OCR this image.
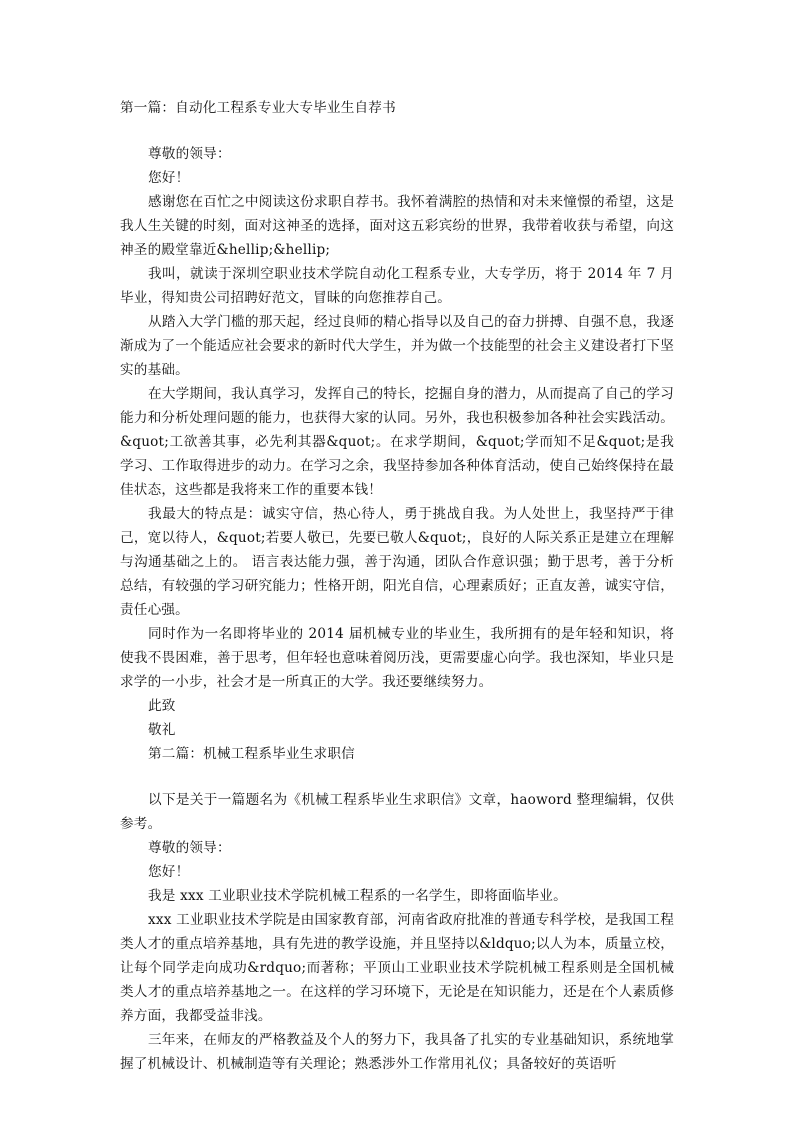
第一篇：自动化工程系专业大专毕业生自荐书
尊敬的领导：
您好！

感谢您在百忙之中阅读这份求职自荐书。我怀着满腔的热情和对未来憧憬的希望，这是我人生关键的时刻，面对这神圣的选择，面对这五彩宾纷的世界，我带着收获与希望，向这神圣的殿堂靠近&hellip;&hellip;

我叫，就读于深圳空职业技术学院自动化工程系专业，大专学历，将于 2014 年 7 月毕业，得知贵公司招聘好范文，冒昧的向您推荐自己。

从踏入大学门槛的那天起，经过良师的精心指导以及自己的奋力拼搏、自强不息，我逐渐成为了一个能适应社会要求的新时代大学生，并为做一个技能型的社会主义建设者打下坚实的基础。

在大学期间，我认真学习，发挥自己的特长，挖掘自身的潜力，从而提高了自己的学习能力和分析处理问题的能力，也获得大家的认同。另外，我也积极参加各种社会实践活动。&quot;工欲善其事，必先利其器&quot;。在求学期间，&quot;学而知不足&quot;是我学习、工作取得进步的动力。在学习之余，我坚持参加各种体育活动，使自己始终保持在最佳状态，这些都是我将来工作的重要本钱！

我最大的特点是：诚实守信，热心待人，勇于挑战自我。为人处世上，我坚持严于律己，宽以待人，&quot;若要人敬已，先要已敬人&quot;，良好的人际关系正是建立在理解与沟通基础之上的。 语言表达能力强，善于沟通，团队合作意识强；勤于思考，善于分析总结，有较强的学习研究能力；性格开朗，阳光自信，心理素质好；正直友善，诚实守信，责任心强。

同时作为一名即将毕业的 2014 届机械专业的毕业生，我所拥有的是年轻和知识，将使我不畏困难，善于思考，但年轻也意味着阅历浅，更需要虚心向学。我也深知，毕业只是求学的一小步，社会才是一所真正的大学。我还要继续努力。

此致
敬礼
第二篇：机械工程系毕业生求职信

以下是关于一篇题名为《机械工程系毕业生求职信》文章，haoword 整理编辑，仅供参考。

尊敬的领导：
您好！

我是 xxx 工业职业技术学院机械工程系的一名学生，即将面临毕业。

xxx 工业职业技术学院是由国家教育部，河南省政府批准的普通专科学校，是我国工程类人才的重点培养基地，具有先进的教学设施，并且坚持以&ldquo;以人为本，质量立校，让每个同学走向成功&rdquo;而著称；平顶山工业职业技术学院机械工程系则是全国机械类人才的重点培养基地之一。在这样的学习环境下，无论是在知识能力，还是在个人素质修养方面，我都受益非浅。

三年来，在师友的严格教益及个人的努力下，我具备了扎实的专业基础知识，系统地掌握了机械设计、机械制造等有关理论；熟悉涉外工作常用礼仪；具备较好的英语听
